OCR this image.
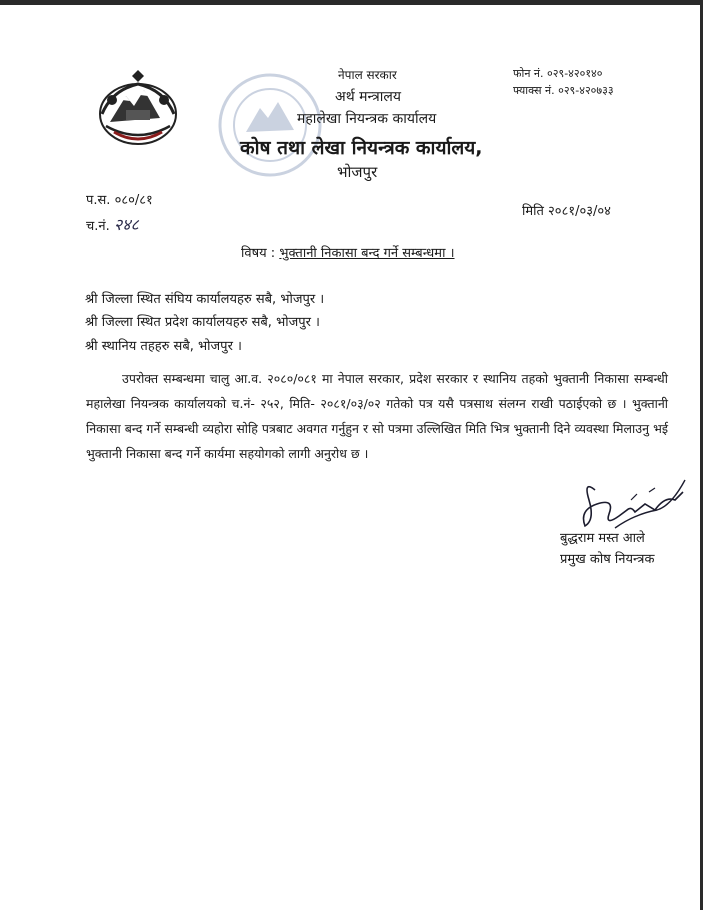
नेपाल सरकार
अर्थ मन्त्रालय
महालेखा नियन्त्रक कार्यालय
कोष तथा लेखा नियन्त्रक कार्यालय,
भोजपुर
फोन नं. ०२९-४२०१४०
फ्याक्स नं. ०२९-४२०७३३
प.स. ०८०/८१
च.नं. २४८
मिति २०८१/०३/०४
विषय : भुक्तानी निकासा बन्द गर्ने सम्बन्धमा ।
श्री जिल्ला स्थित संघिय कार्यालयहरु सबै, भोजपुर ।
श्री जिल्ला स्थित प्रदेश कार्यालयहरु सबै, भोजपुर ।
श्री स्थानिय तहहरु सबै, भोजपुर ।
उपरोक्त सम्बन्धमा चालु आ.व. २०८०/०८१ मा नेपाल सरकार, प्रदेश सरकार र स्थानिय तहको भुक्तानी निकासा सम्बन्धी महालेखा नियन्त्रक कार्यालयको च.नं- २५२, मिति- २०८१/०३/०२ गतेको पत्र यसै पत्रसाथ संलग्न राखी पठाईएको छ । भुक्तानी निकासा बन्द गर्ने सम्बन्धी व्यहोरा सोहि पत्रबाट अवगत गर्नुहुन र सो पत्रमा उल्लिखित मिति भित्र भुक्तानी दिने व्यवस्था मिलाउनु भई भुक्तानी निकासा बन्द गर्ने कार्यमा सहयोगको लागी अनुरोध छ ।
बुद्धराम मस्त आले
प्रमुख कोष नियन्त्रक
